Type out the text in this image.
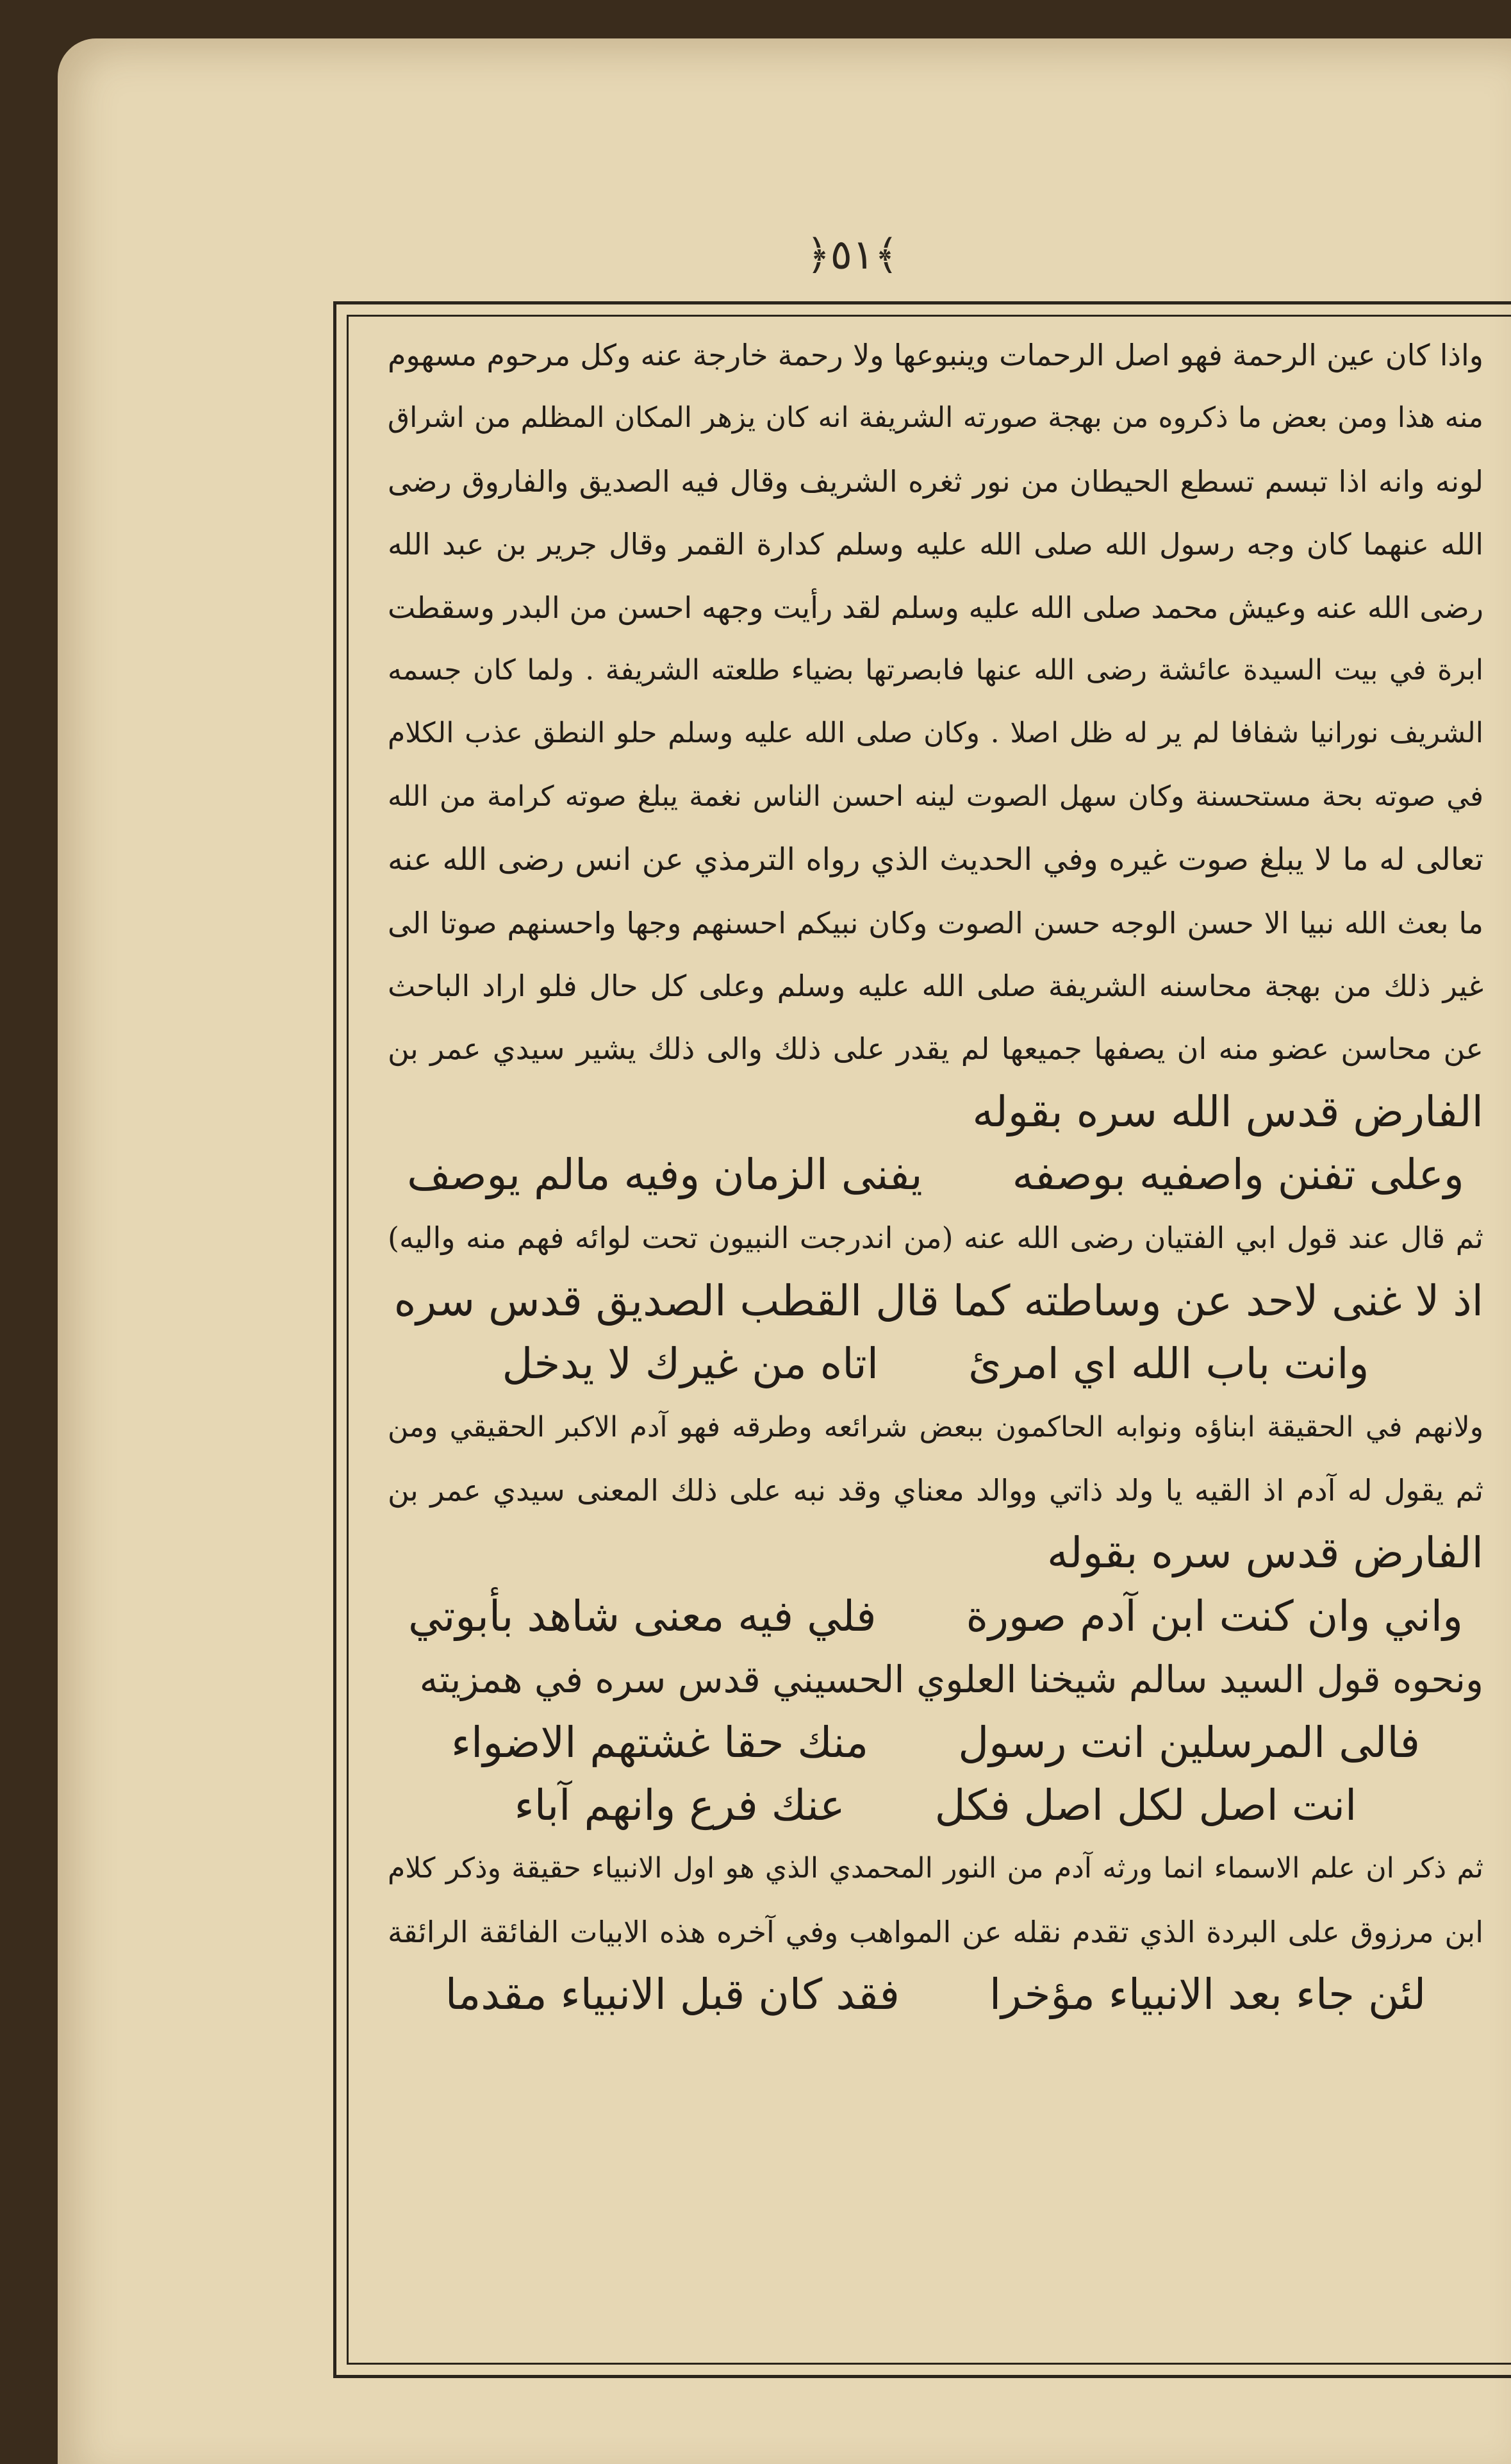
﴾٥١﴿
واذا كان عين الرحمة فهو اصل الرحمات وينبوعها ولا رحمة خارجة عنه وكل مرحوم مسهوم
منه هذا ومن بعض ما ذكروه من بهجة صورته الشريفة انه كان يزهر المكان المظلم من اشراق
لونه وانه اذا تبسم تسطع الحيطان من نور ثغره الشريف وقال فيه الصديق والفاروق رضى
الله عنهما كان وجه رسول الله صلى الله عليه وسلم كدارة القمر وقال جرير بن عبد الله
رضى الله عنه وعيش محمد صلى الله عليه وسلم لقد رأيت وجهه احسن من البدر وسقطت
ابرة في بيت السيدة عائشة رضى الله عنها فابصرتها بضياء طلعته الشريفة . ولما كان جسمه
الشريف نورانيا شفافا لم ير له ظل اصلا . وكان صلى الله عليه وسلم حلو النطق عذب الكلام
في صوته بحة مستحسنة وكان سهل الصوت لينه احسن الناس نغمة يبلغ صوته كرامة من الله
تعالى له ما لا يبلغ صوت غيره وفي الحديث الذي رواه الترمذي عن انس رضى الله عنه
ما بعث الله نبيا الا حسن الوجه حسن الصوت وكان نبيكم احسنهم وجها واحسنهم صوتا الى
غير ذلك من بهجة محاسنه الشريفة صلى الله عليه وسلم وعلى كل حال فلو اراد الباحث
عن محاسن عضو منه ان يصفها جميعها لم يقدر على ذلك والى ذلك يشير سيدي عمر بن
الفارض قدس الله سره بقوله
وعلى تفنن واصفيه بوصفه
يفنى الزمان وفيه مالم يوصف
ثم قال عند قول ابي الفتيان رضى الله عنه (من اندرجت النبيون تحت لوائه فهم منه واليه)
اذ لا غنى لاحد عن وساطته كما قال القطب الصديق قدس سره
وانت باب الله اي امرئ
اتاه من غيرك لا يدخل
ولانهم في الحقيقة ابناؤه ونوابه الحاكمون ببعض شرائعه وطرقه فهو آدم الاكبر الحقيقي ومن
ثم يقول له آدم اذ القيه يا ولد ذاتي ووالد معناي وقد نبه على ذلك المعنى سيدي عمر بن
الفارض قدس سره بقوله
واني وان كنت ابن آدم صورة
فلي فيه معنى شاهد بأبوتي
ونحوه قول السيد سالم شيخنا العلوي الحسيني قدس سره في همزيته
فالى المرسلين انت رسول
منك حقا غشتهم الاضواء
انت اصل لكل اصل فكل
عنك فرع وانهم آباء
ثم ذكر ان علم الاسماء انما ورثه آدم من النور المحمدي الذي هو اول الانبياء حقيقة وذكر كلام
ابن مرزوق على البردة الذي تقدم نقله عن المواهب وفي آخره هذه الابيات الفائقة الرائقة
لئن جاء بعد الانبياء مؤخرا
فقد كان قبل الانبياء مقدما
